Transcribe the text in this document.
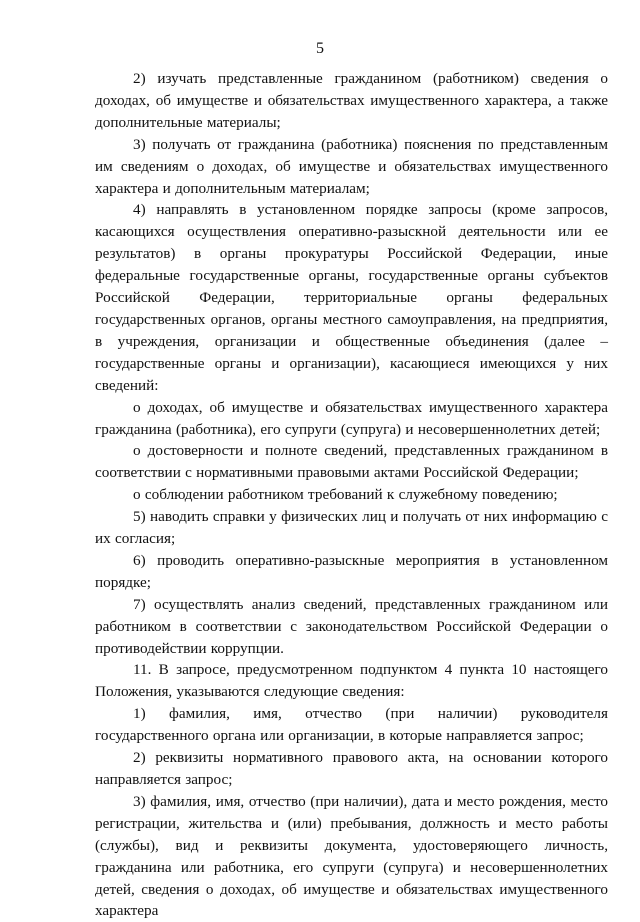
5

2) изучать представленные гражданином (работником) сведения о доходах, об имуществе и обязательствах имущественного характера, а также дополнительные материалы;

3) получать от гражданина (работника) пояснения по представленным им сведениям о доходах, об имуществе и обязательствах имущественного характера и дополнительным материалам;

4) направлять в установленном порядке запросы (кроме запросов, касающихся осуществления оперативно-разыскной деятельности или ее результатов) в органы прокуратуры Российской Федерации, иные федеральные государственные органы, государственные органы субъектов Российской Федерации, территориальные органы федеральных государственных органов, органы местного самоуправления, на предприятия, в учреждения, организации и общественные объединения (далее – государственные органы и организации), касающиеся имеющихся у них сведений:

о доходах, об имуществе и обязательствах имущественного характера гражданина (работника), его супруги (супруга) и несовершеннолетних детей;

о достоверности и полноте сведений, представленных гражданином в соответствии с нормативными правовыми актами Российской Федерации;

о соблюдении работником требований к служебному поведению;

5) наводить справки у физических лиц и получать от них информацию с их согласия;

6) проводить оперативно-разыскные мероприятия в установленном порядке;

7) осуществлять анализ сведений, представленных гражданином или работником в соответствии с законодательством Российской Федерации о противодействии коррупции.

11. В запросе, предусмотренном подпунктом 4 пункта 10 настоящего Положения, указываются следующие сведения:

1) фамилия, имя, отчество (при наличии) руководителя государственного органа или организации, в которые направляется запрос;

2) реквизиты нормативного правового акта, на основании которого направляется запрос;

3) фамилия, имя, отчество (при наличии), дата и место рождения, место регистрации, жительства и (или) пребывания, должность и место работы (службы), вид и реквизиты документа, удостоверяющего личность, гражданина или работника, его супруги (супруга) и несовершеннолетних детей, сведения о доходах, об имуществе и обязательствах имущественного характера
